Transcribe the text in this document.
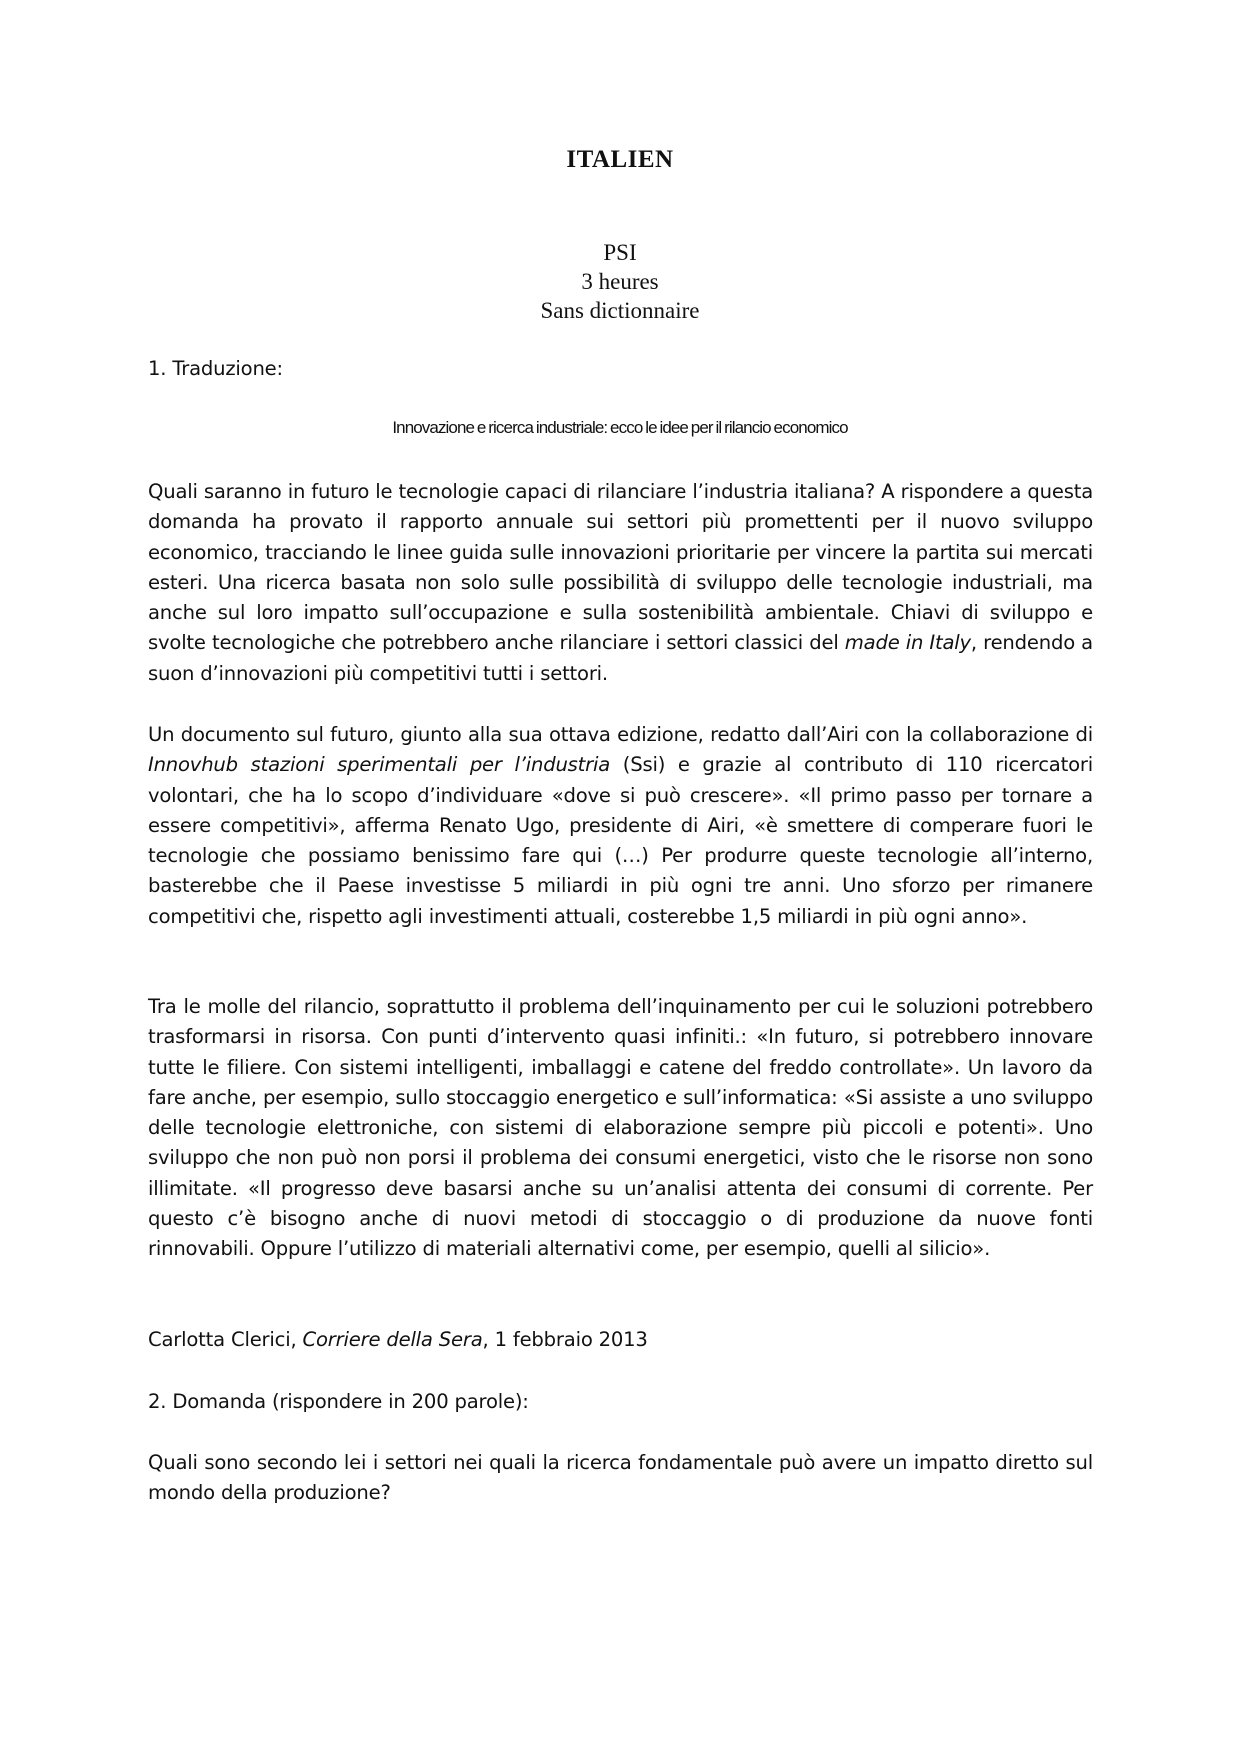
ITALIEN
PSI
3 heures
Sans dictionnaire
1. Traduzione:
Innovazione e ricerca industriale: ecco le idee per il rilancio economico

Quali saranno in futuro le tecnologie capaci di rilanciare l’industria italiana? A rispondere a questa domanda ha provato il rapporto annuale sui settori più promettenti per il nuovo sviluppo economico, tracciando le linee guida sulle innovazioni prioritarie per vincere la partita sui mercati esteri. Una ricerca basata non solo sulle possibilità di sviluppo delle tecnologie industriali, ma anche sul loro impatto sull’occupazione e sulla sostenibilità ambientale. Chiavi di sviluppo e svolte tecnologiche che potrebbero anche rilanciare i settori classici del made in Italy, rendendo a suon d’innovazioni più competitivi tutti i settori.

Un documento sul futuro, giunto alla sua ottava edizione, redatto dall’Airi con la collaborazione di Innovhub stazioni sperimentali per l’industria (Ssi) e grazie al contributo di 110 ricercatori volontari, che ha lo scopo d’individuare «dove si può crescere». «Il primo passo per tornare a essere competitivi», afferma Renato Ugo, presidente di Airi, «è smettere di comperare fuori le tecnologie che possiamo benissimo fare qui (…) Per produrre queste tecnologie all’interno, basterebbe che il Paese investisse 5 miliardi in più ogni tre anni. Uno sforzo per rimanere competitivi che, rispetto agli investimenti attuali, costerebbe 1,5 miliardi in più ogni anno».

Tra le molle del rilancio, soprattutto il problema dell’inquinamento per cui le soluzioni potrebbero trasformarsi in risorsa. Con punti d’intervento quasi infiniti.: «In futuro, si potrebbero innovare tutte le filiere. Con sistemi intelligenti, imballaggi e catene del freddo controllate». Un lavoro da fare anche, per esempio, sullo stoccaggio energetico e sull’informatica: «Si assiste a uno sviluppo delle tecnologie elettroniche, con sistemi di elaborazione sempre più piccoli e potenti». Uno sviluppo che non può non porsi il problema dei consumi energetici, visto che le risorse non sono illimitate. «Il progresso deve basarsi anche su un’analisi attenta dei consumi di corrente. Per questo c’è bisogno anche di nuovi metodi di stoccaggio o di produzione da nuove fonti rinnovabili. Oppure l’utilizzo di materiali alternativi come, per esempio, quelli al silicio».

Carlotta Clerici, Corriere della Sera, 1 febbraio 2013

2. Domanda (rispondere in 200 parole):

Quali sono secondo lei i settori nei quali la ricerca fondamentale può avere un impatto diretto sul mondo della produzione?
